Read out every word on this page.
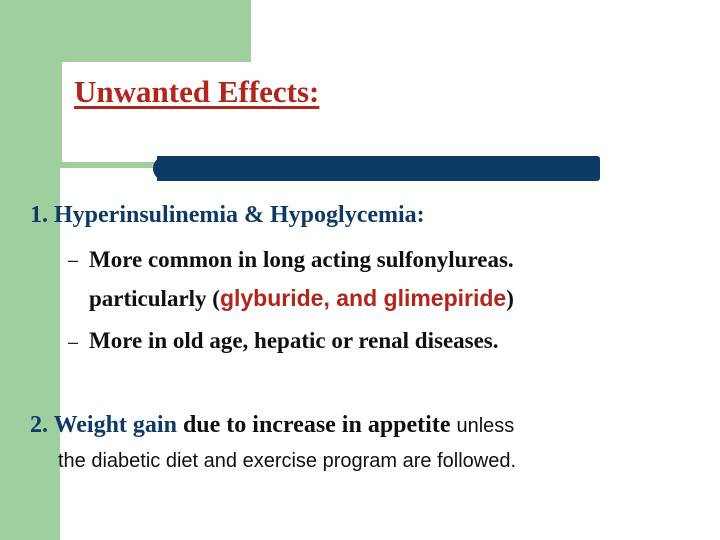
Unwanted Effects:

1. Hyperinsulinemia & Hypoglycemia:

– More common in long acting sulfonylureas.

particularly (glyburide, and glimepiride)

– More in old age, hepatic or renal diseases.

2. Weight gain due to increase in appetite unless

the diabetic diet and exercise program are followed.
